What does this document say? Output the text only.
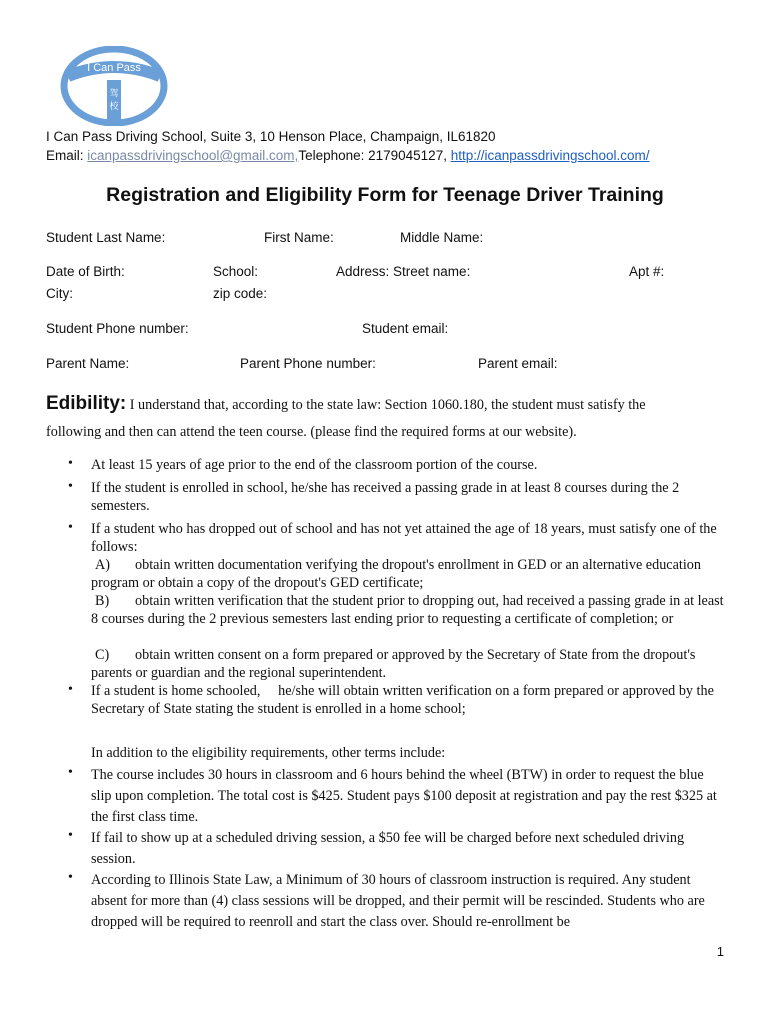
I Can Pass
驾
校
I Can Pass Driving School, Suite 3, 10 Henson Place, Champaign, IL61820
Email: icanpassdrivingschool@gmail.com,Telephone: 2179045127, http://icanpassdrivingschool.com/
Registration and Eligibility Form for Teenage Driver Training
Student Last Name:	First Name:	Middle Name:
Date of Birth:	School:	Address: Street name:	Apt #:
City:	zip code:
Student Phone number:	Student email:
Parent Name:	Parent Phone number:	Parent email:
Edibility: I understand that, according to the state law: Section 1060.180, the student must satisfy the
following and then can attend the teen course. (please find the required forms at our website).
• At least 15 years of age prior to the end of the classroom portion of the course.
• If the student is enrolled in school, he/she has received a passing grade in at least 8 courses during the 2 semesters.
• If a student who has dropped out of school and has not yet attained the age of 18 years, must satisfy one of the follows:
A) obtain written documentation verifying the dropout's enrollment in GED or an alternative education program or obtain a copy of the dropout's GED certificate;
B) obtain written verification that the student prior to dropping out, had received a passing grade in at least 8 courses during the 2 previous semesters last ending prior to requesting a certificate of completion; or
C) obtain written consent on a form prepared or approved by the Secretary of State from the dropout's parents or guardian and the regional superintendent.
• If a student is home schooled,     he/she will obtain written verification on a form prepared or approved by the Secretary of State stating the student is enrolled in a home school;
In addition to the eligibility requirements, other terms include:
• The course includes 30 hours in classroom and 6 hours behind the wheel (BTW) in order to request the blue slip upon completion. The total cost is $425. Student pays $100 deposit at registration and pay the rest $325 at the first class time.
• If fail to show up at a scheduled driving session, a $50 fee will be charged before next scheduled driving session.
• According to Illinois State Law, a Minimum of 30 hours of classroom instruction is required. Any student absent for more than (4) class sessions will be dropped, and their permit will be rescinded. Students who are dropped will be required to reenroll and start the class over. Should re-enrollment be
1
